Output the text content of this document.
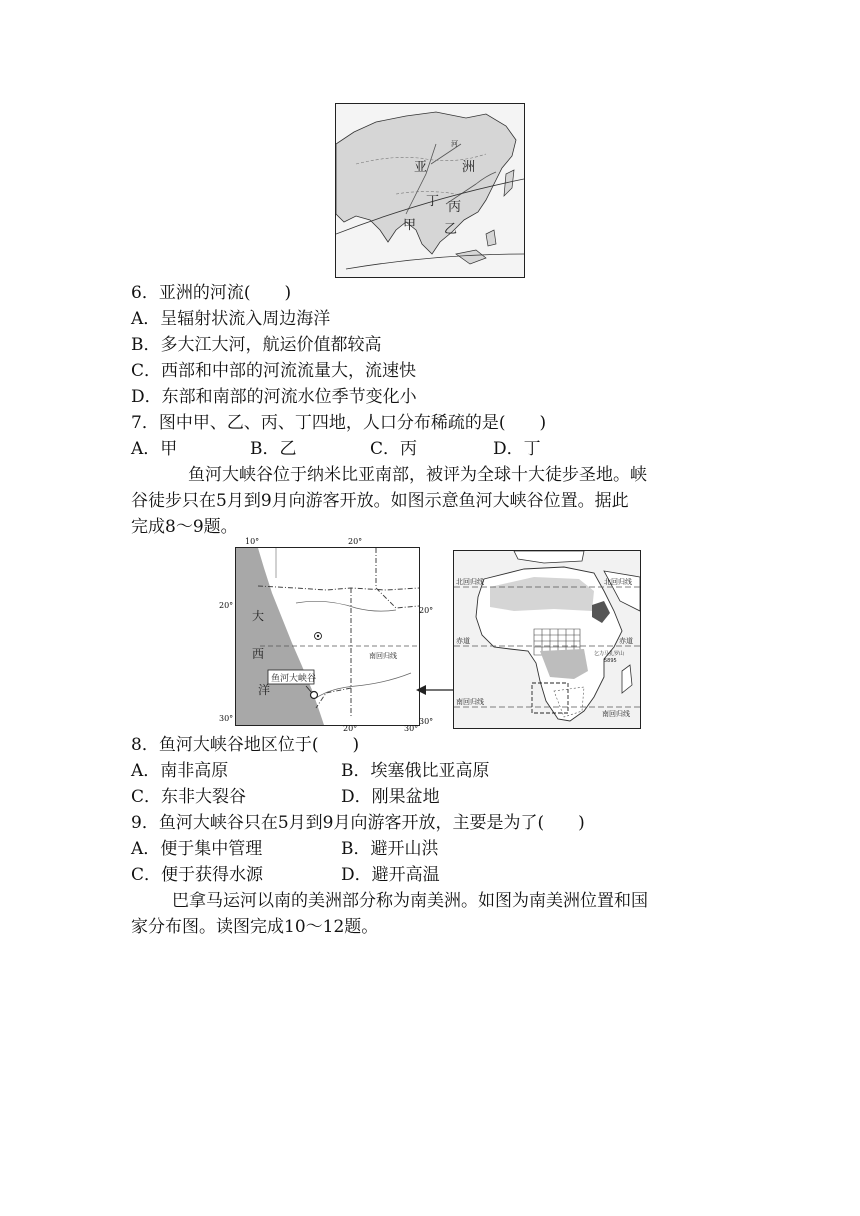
亚	洲
丁 丙
甲 乙
河
6．亚洲的河流(　　)
A．呈辐射状流入周边海洋
B．多大江大河，航运价值都较高
C．西部和中部的河流流量大，流速快
D．东部和南部的河流水位季节变化小
7．图中甲、乙、丙、丁四地，人口分布稀疏的是(　　)
A．甲	B．乙	C．丙	D．丁
鱼河大峡谷位于纳米比亚南部，被评为全球十大徒步圣地。峡
谷徒步只在5月到9月向游客开放。如图示意鱼河大峡谷位置。据此
完成8～9题。
鱼河大峡谷
南回归线
大
西
洋
10°	20°
20°
20°
30°	30°
20°	30°
北回归线	北回归线
赤道	赤道
南回归线
南回归线
乞力马扎罗山
5895
8．鱼河大峡谷地区位于(　　)
A．南非高原	B．埃塞俄比亚高原
C．东非大裂谷	D．刚果盆地
9．鱼河大峡谷只在5月到9月向游客开放，主要是为了(　　)
A．便于集中管理	B．避开山洪
C．便于获得水源	D．避开高温
巴拿马运河以南的美洲部分称为南美洲。如图为南美洲位置和国
家分布图。读图完成10～12题。
